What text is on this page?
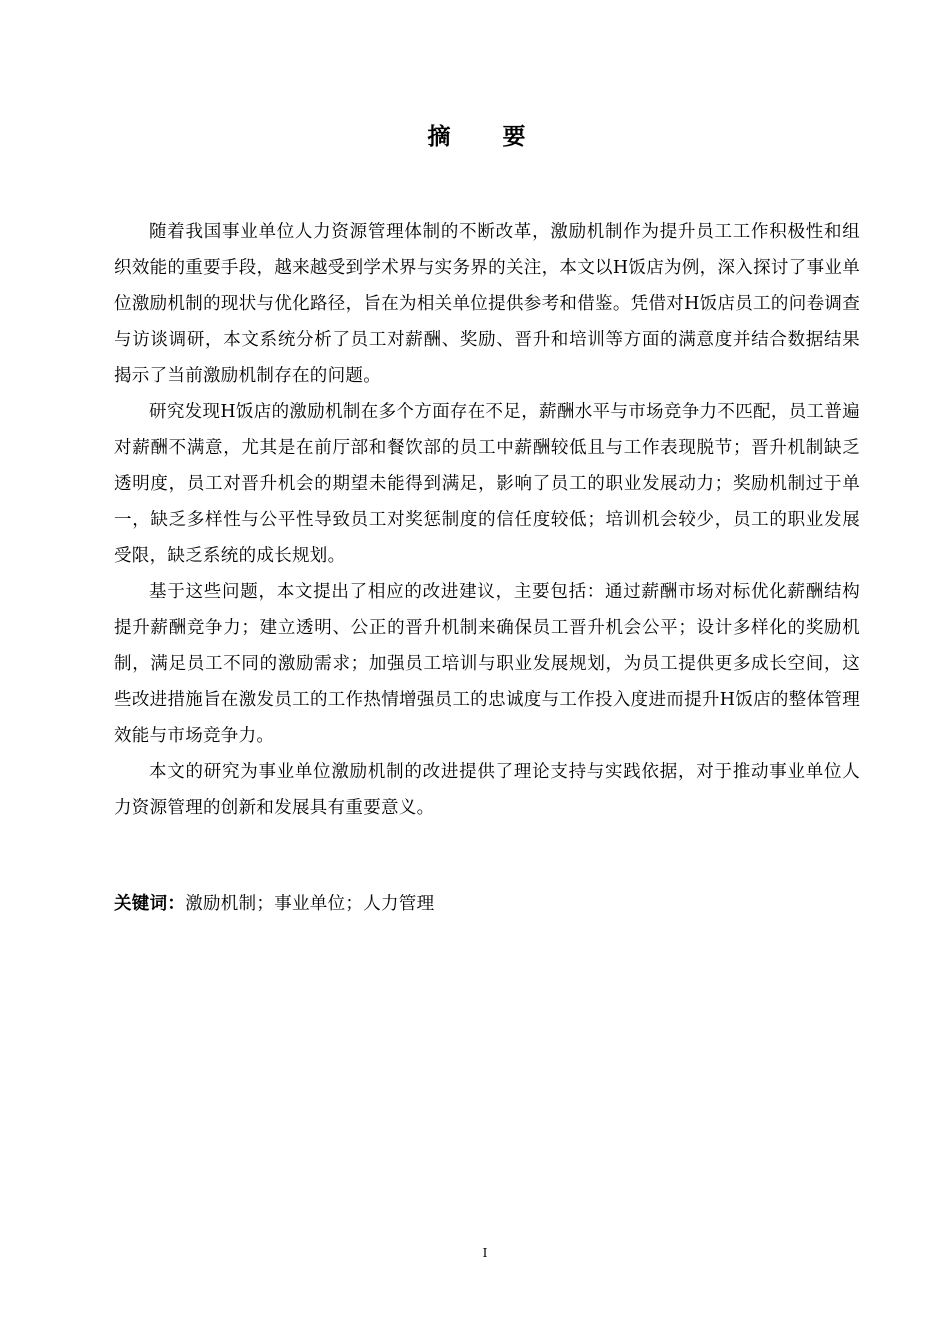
摘 要

随着我国事业单位人力资源管理体制的不断改革，激励机制作为提升员工工作积极性和组织效能的重要手段，越来越受到学术界与实务界的关注，本文以H饭店为例，深入探讨了事业单位激励机制的现状与优化路径，旨在为相关单位提供参考和借鉴。凭借对H饭店员工的问卷调查与访谈调研，本文系统分析了员工对薪酬、奖励、晋升和培训等方面的满意度并结合数据结果揭示了当前激励机制存在的问题。

研究发现H饭店的激励机制在多个方面存在不足，薪酬水平与市场竞争力不匹配，员工普遍对薪酬不满意，尤其是在前厅部和餐饮部的员工中薪酬较低且与工作表现脱节；晋升机制缺乏透明度，员工对晋升机会的期望未能得到满足，影响了员工的职业发展动力；奖励机制过于单一，缺乏多样性与公平性导致员工对奖惩制度的信任度较低；培训机会较少，员工的职业发展受限，缺乏系统的成长规划。

基于这些问题，本文提出了相应的改进建议，主要包括：通过薪酬市场对标优化薪酬结构提升薪酬竞争力；建立透明、公正的晋升机制来确保员工晋升机会公平；设计多样化的奖励机制，满足员工不同的激励需求；加强员工培训与职业发展规划，为员工提供更多成长空间，这些改进措施旨在激发员工的工作热情增强员工的忠诚度与工作投入度进而提升H饭店的整体管理效能与市场竞争力。

本文的研究为事业单位激励机制的改进提供了理论支持与实践依据，对于推动事业单位人力资源管理的创新和发展具有重要意义。

关键词：激励机制；事业单位；人力管理
I
